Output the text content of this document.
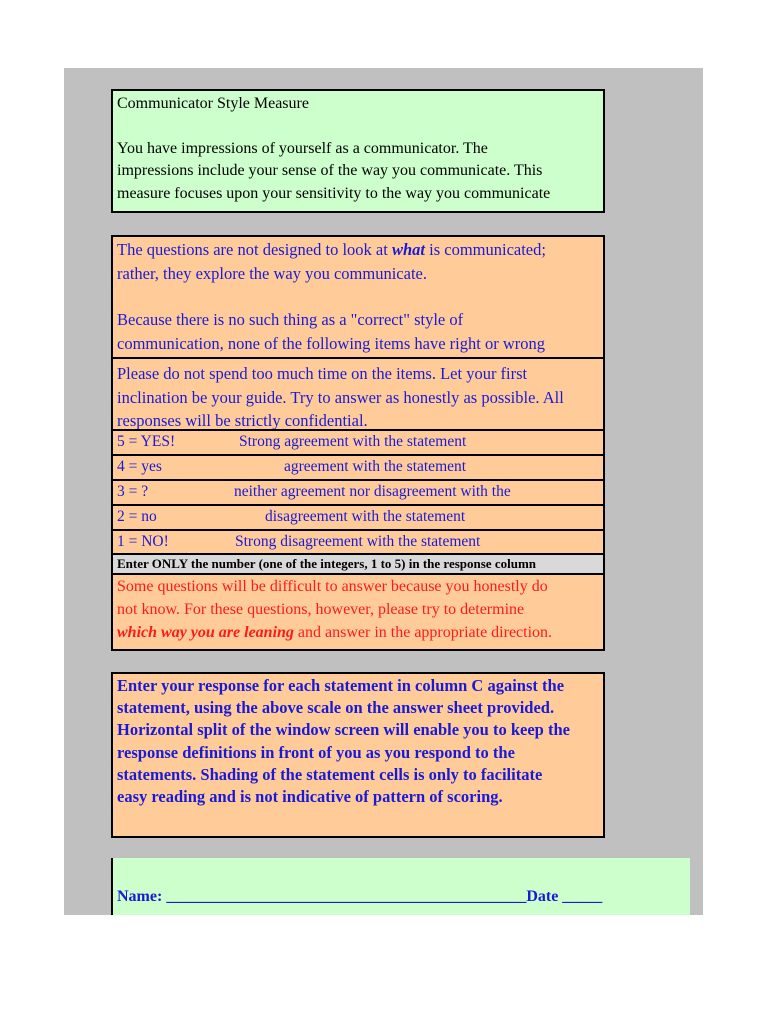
Communicator Style Measure

You have impressions of yourself as a communicator. The

impressions include your sense of the way you communicate. This

measure focuses upon your sensitivity to the way you communicate

The questions are not designed to look at what is communicated;

rather, they explore the way you communicate.

Because there is no such thing as a "correct" style of

communication, none of the following items have right or wrong

Please do not spend too much time on the items. Let your first
inclination be your guide. Try to answer as honestly as possible. All
responses will be strictly confidential.
5 = YES!	Strong agreement with the statement
4 = yes	agreement with the statement
3 = ?	neither agreement nor disagreement with the
2 = no	disagreement with the statement
1 = NO!	Strong disagreement with the statement
Enter ONLY the number (one of the integers, 1 to 5) in the response column
Some questions will be difficult to answer because you honestly do
not know. For these questions, however, please try to determine
which way you are leaning and answer in the appropriate direction.
Enter your response for each statement in column C against the
statement, using the above scale on the answer sheet provided.
Horizontal split of the window screen will enable you to keep the
response definitions in front of you as you respond to the
statements. Shading of the statement cells is only to facilitate
easy reading and is not indicative of pattern of scoring.
Name: _____________________________________________Date _____
